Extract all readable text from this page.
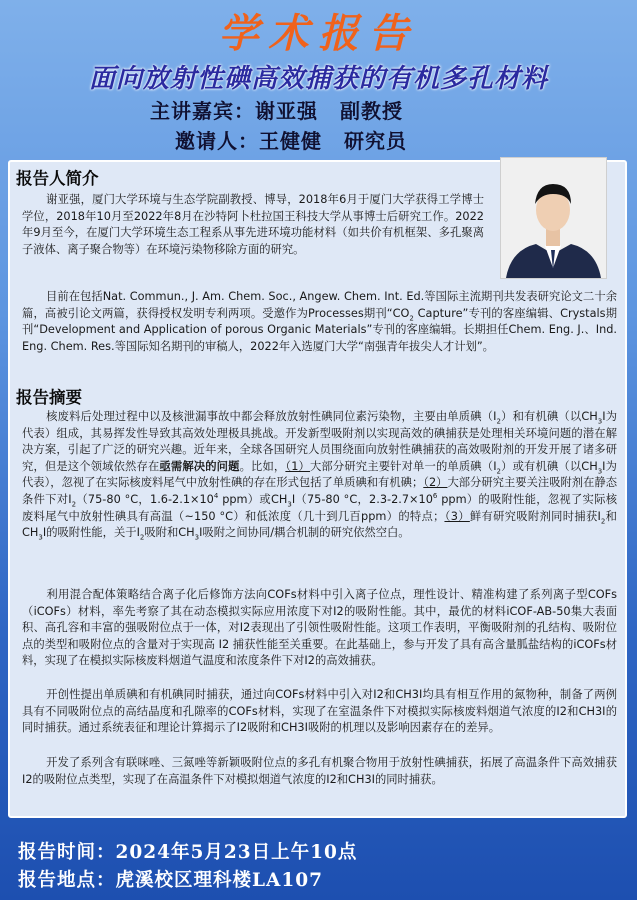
学术报告
面向放射性碘高效捕获的有机多孔材料
主讲嘉宾：谢亚强 副教授
邀请人：王健健 研究员
报告人简介

谢亚强，厦门大学环境与生态学院副教授、博导，2018年6月于厦门大学获得工学博士学位，2018年10月至2022年8月在沙特阿卜杜拉国王科技大学从事博士后研究工作。2022年9月至今，在厦门大学环境生态工程系从事先进环境功能材料（如共价有机框架、多孔聚离子液体、离子聚合物等）在环境污染物移除方面的研究。

目前在包括Nat. Commun., J. Am. Chem. Soc., Angew. Chem. Int. Ed.等国际主流期刊共发表研究论文二十余篇，高被引论文两篇，获得授权发明专利两项。受邀作为Processes期刊“$CO_2$ Capture”专刊的客座编辑、Crystals期刊“Development and Application of porous Organic Materials”专刊的客座编辑。长期担任Chem. Eng. J.、Ind. Eng. Chem. Res.等国际知名期刊的审稿人，2022年入选厦门大学“南强青年拔尖人才计划”。

报告摘要

核废料后处理过程中以及核泄漏事故中都会释放放射性碘同位素污染物，主要由单质碘$(I_2)$和有机碘（以$CH_3I$为代表）组成，其易挥发性导致其高效处理极具挑战。开发新型吸附剂以实现高效的碘捕获是处理相关环境问题的潜在解决方案，引起了广泛的研究兴趣。近年来，全球各国研究人员围绕面向放射性碘捕获的高效吸附剂的开发开展了诸多研究，但是这个领域依然存在亟需解决的问题。比如，（1）大部分研究主要针对单一的单质碘$(I_2)$或有机碘（以$CH_3I$为代表），忽视了在实际核废料尾气中放射性碘的存在形式包括了单质碘和有机碘；（2）大部分研究主要关注吸附剂在静态条件下对$I_2(75-80$ °C，$1.6-2.1\times 10^4$ ppm）或$CH_3I(75-80$ °C，$2.3-2.7\times 10^6$ ppm）的吸附性能，忽视了实际核废料尾气中放射性碘具有高温（~150 °C）和低浓度（几十到几百ppm）的特点；（3）鲜有研究吸附剂同时捕获$I_2$和$CH_3I$的吸附性能，关于$I_2$吸附和$CH_3I$吸附之间协同/耦合机制的研究依然空白。

利用混合配体策略结合离子化后修饰方法向COFs材料中引入离子位点，理性设计、精准构建了系列离子型COFs（iCOFs）材料，率先考察了其在动态模拟实际应用浓度下对I2的吸附性能。其中，最优的材料iCOF-AB-50集大表面积、高孔容和丰富的强吸附位点于一体，对I2表现出了引领性吸附性能。这项工作表明，平衡吸附剂的孔结构、吸附位点的类型和吸附位点的含量对于实现高 I2 捕获性能至关重要。在此基础上，参与开发了具有高含量胍盐结构的iCOFs材料，实现了在模拟实际核废料烟道气温度和浓度条件下对I2的高效捕获。

开创性提出单质碘和有机碘同时捕获，通过向COFs材料中引入对I2和CH3I均具有相互作用的氮物种，制备了两例具有不同吸附位点的高结晶度和孔隙率的COFs材料，实现了在室温条件下对模拟实际核废料烟道气浓度的I2和CH3I的同时捕获。通过系统表征和理论计算揭示了I2吸附和CH3I吸附的机理以及影响因素存在的差异。

开发了系列含有联咪唑、三氮唑等新颖吸附位点的多孔有机聚合物用于放射性碘捕获，拓展了高温条件下高效捕获I2的吸附位点类型，实现了在高温条件下对模拟烟道气浓度的I2和CH3I的同时捕获。

报告时间：2024年5月23日上午10点
报告地点：虎溪校区理科楼LA107
